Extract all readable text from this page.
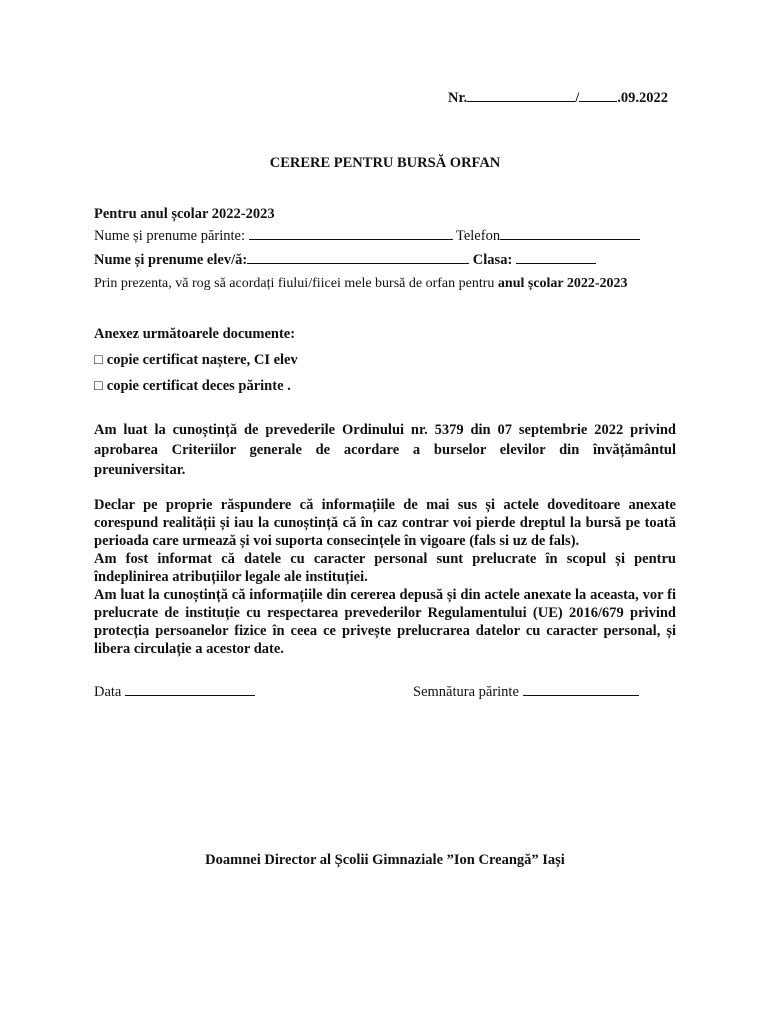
Nr.	/	.09.2022
CERERE PENTRU BURSĂ ORFAN
Pentru anul școlar 2022-2023
Nume și prenume părinte:	Telefon
Nume și prenume elev/ă:	Clasa:
Prin prezenta, vă rog să acordați fiului/fiicei mele bursă de orfan pentru anul școlar 2022-2023
Anexez următoarele documente:
□ copie certificat naștere, CI elev
□ copie certificat deces părinte .
Am luat la cunoștință de prevederile Ordinului nr. 5379 din 07 septembrie 2022 privind aprobarea Criteriilor generale de acordare a burselor elevilor din învățământul preuniversitar.
Declar pe proprie răspundere că informațiile de mai sus și actele doveditoare anexate corespund realității și iau la cunoștință că în caz contrar voi pierde dreptul la bursă pe toată perioada care urmează și voi suporta consecințele în vigoare (fals si uz de fals).
Am fost informat că datele cu caracter personal sunt prelucrate în scopul și pentru îndeplinirea atribuțiilor legale ale instituției.
Am luat la cunoștință că informațiile din cererea depusă și din actele anexate la aceasta, vor fi prelucrate de instituție cu respectarea prevederilor Regulamentului (UE) 2016/679 privind protecția persoanelor fizice în ceea ce privește prelucrarea datelor cu caracter personal, și libera circulație a acestor date.
Data	Semnătura părinte
Doamnei Director al Școlii Gimnaziale ”Ion Creangă” Iași
